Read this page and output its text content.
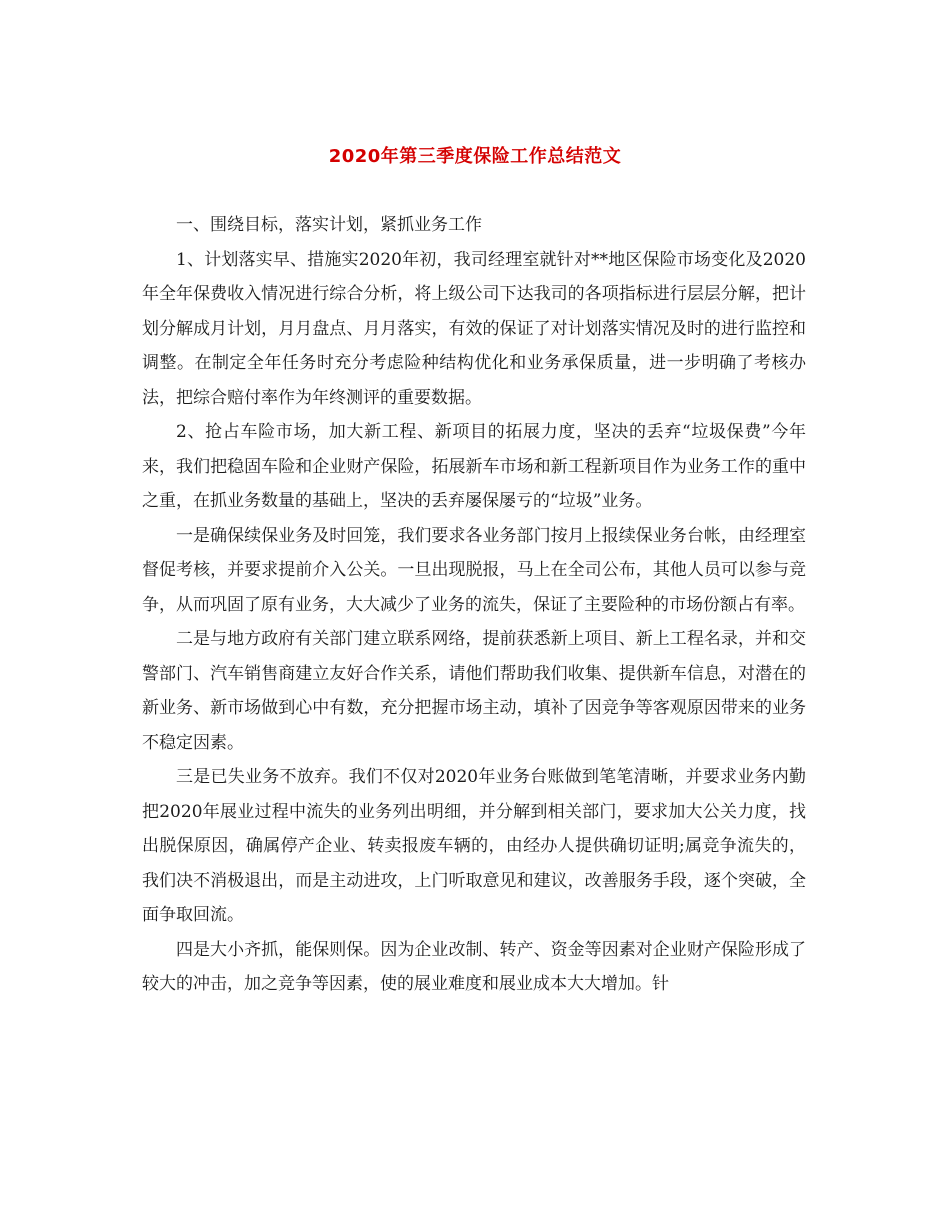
2020年第三季度保险工作总结范文

一、围绕目标，落实计划，紧抓业务工作

1、计划落实早、措施实2020年初，我司经理室就针对**地区保险市场变化及2020年全年保费收入情况进行综合分析，将上级公司下达我司的各项指标进行层层分解，把计划分解成月计划，月月盘点、月月落实，有效的保证了对计划落实情况及时的进行监控和调整。在制定全年任务时充分考虑险种结构优化和业务承保质量，进一步明确了考核办法，把综合赔付率作为年终测评的重要数据。

2、抢占车险市场，加大新工程、新项目的拓展力度，坚决的丢弃“垃圾保费”今年来，我们把稳固车险和企业财产保险，拓展新车市场和新工程新项目作为业务工作的重中之重，在抓业务数量的基础上，坚决的丢弃屡保屡亏的“垃圾”业务。

一是确保续保业务及时回笼，我们要求各业务部门按月上报续保业务台帐，由经理室督促考核，并要求提前介入公关。一旦出现脱报，马上在全司公布，其他人员可以参与竞争，从而巩固了原有业务，大大减少了业务的流失，保证了主要险种的市场份额占有率。

二是与地方政府有关部门建立联系网络，提前获悉新上项目、新上工程名录，并和交警部门、汽车销售商建立友好合作关系，请他们帮助我们收集、提供新车信息，对潜在的新业务、新市场做到心中有数，充分把握市场主动，填补了因竞争等客观原因带来的业务不稳定因素。

三是已失业务不放弃。我们不仅对2020年业务台账做到笔笔清晰，并要求业务内勤把2020年展业过程中流失的业务列出明细，并分解到相关部门，要求加大公关力度，找出脱保原因，确属停产企业、转卖报废车辆的，由经办人提供确切证明;属竞争流失的，我们决不消极退出，而是主动进攻，上门听取意见和建议，改善服务手段，逐个突破，全面争取回流。

四是大小齐抓，能保则保。因为企业改制、转产、资金等因素对企业财产保险形成了较大的冲击，加之竞争等因素，使的展业难度和展业成本大大增加。针
